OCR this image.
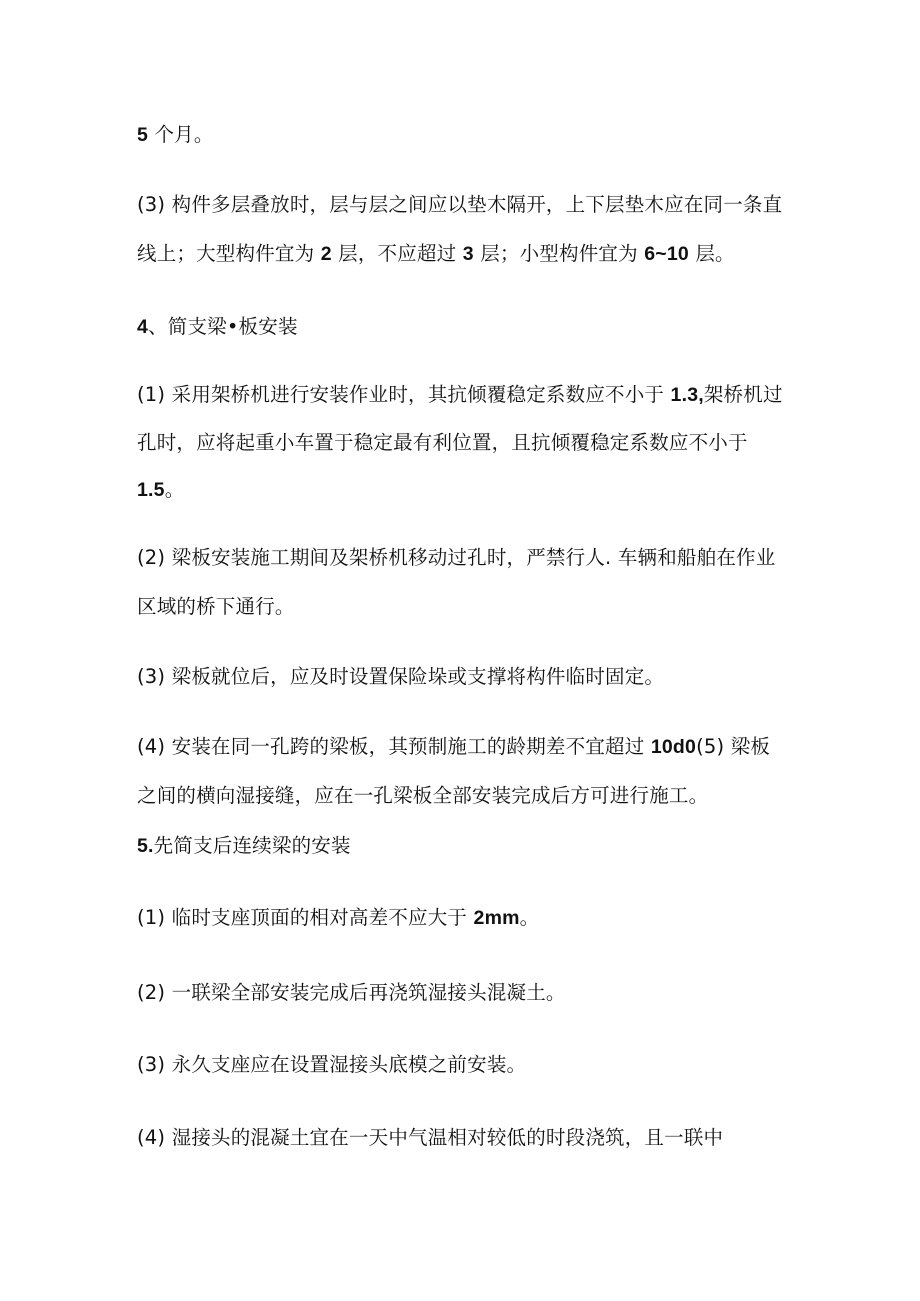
5 个月。
(3) 构件多层叠放时，层与层之间应以垫木隔开，上下层垫木应在同一条直
线上；大型构件宜为 2 层，不应超过 3 层；小型构件宜为 6~10 层。
4、简支梁•板安装
(1) 采用架桥机进行安装作业时，其抗倾覆稳定系数应不小于 1.3,架桥机过
孔时，应将起重小车置于稳定最有利位置，且抗倾覆稳定系数应不小于
1.5。
(2) 梁板安装施工期间及架桥机移动过孔时，严禁行人. 车辆和船舶在作业
区域的桥下通行。
(3) 梁板就位后，应及时设置保险垛或支撑将构件临时固定。
(4) 安装在同一孔跨的梁板，其预制施工的龄期差不宜超过 10d0(5) 梁板
之间的横向湿接缝，应在一孔梁板全部安装完成后方可进行施工。
5.先简支后连续梁的安装
(1) 临时支座顶面的相对高差不应大于 2mm。
(2) 一联梁全部安装完成后再浇筑湿接头混凝土。
(3) 永久支座应在设置湿接头底模之前安装。
(4) 湿接头的混凝土宜在一天中气温相对较低的时段浇筑，且一联中
